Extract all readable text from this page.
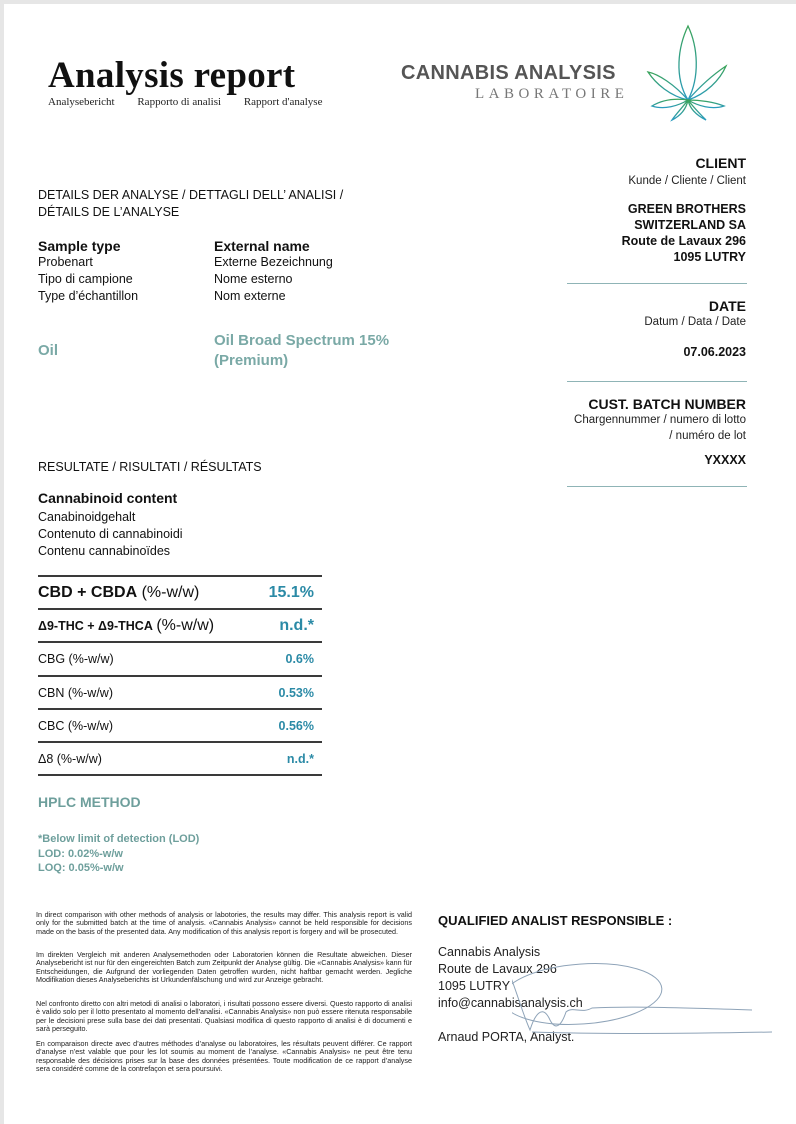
Analysis report
Analysebericht Rapporto di analisi Rapport d'analyse
CANNABIS ANALYSIS
LABORATOIRE
DETAILS DER ANALYSE / DETTAGLI DELL’ ANALISI /
DÉTAILS DE L’ANALYSE
Sample type
Probenart
Tipo di campione
Type d’échantillon
Oil
External name
Externe Bezeichnung
Nome esterno
Nom externe
Oil Broad Spectrum 15%
(Premium)
CLIENT
Kunde / Cliente / Client
GREEN BROTHERS
SWITZERLAND SA
Route de Lavaux 296
1095 LUTRY
DATE
Datum / Data / Date
07.06.2023
CUST. BATCH NUMBER
Chargennummer / numero di lotto
/ numéro de lot
YXXXX
RESULTATE / RISULTATI / RÉSULTATS
Cannabinoid content
Canabinoidgehalt
Contenuto di cannabinoidi
Contenu cannabinoïdes
CBD + CBDA (%-w/w)	15.1%
Δ9-THC + Δ9-THCA (%-w/w)	n.d.*
CBG (%-w/w)	0.6%
CBN (%-w/w)	0.53%
CBC (%-w/w)	0.56%
Δ8 (%-w/w)	n.d.*
HPLC METHOD
*Below limit of detection (LOD)
LOD: 0.02%-w/w
LOQ: 0.05%-w/w
In direct comparison with other methods of analysis or labotories, the results may differ. This analysis report is valid only for the submitted batch at the time of analysis. «Cannabis Analysis» cannot be held responsible for decisions made on the basis of the presented data. Any modification of this analysis report is forgery and will be prosecuted.
Im direkten Vergleich mit anderen Analysemethoden oder Laboratorien können die Resultate abweichen. Dieser Analysebericht ist nur für den eingereichten Batch zum Zeitpunkt der Analyse gültig. Die «Cannabis Analysis» kann für Entscheidungen, die Aufgrund der vorliegenden Daten getroffen wurden, nicht haftbar gemacht werden. Jegliche Modifikation dieses Analyseberichts ist Urkundenfälschung und wird zur Anzeige gebracht.
Nel confronto diretto con altri metodi di analisi o laboratori, i risultati possono essere diversi. Questo rapporto di analisi è valido solo per il lotto presentato al momento dell'analisi. «Cannabis Analysis» non può essere ritenuta responsabile per le decisioni prese sulla base dei dati presentati. Qualsiasi modifica di questo rapporto di analisi è di documenti e sarà perseguito.
En comparaison directe avec d’autres méthodes d’analyse ou laboratoires, les résultats peuvent différer. Ce rapport d’analyse n’est valable que pour les lot soumis au moment de l’analyse. «Cannabis Analysis» ne peut être tenu responsable des décisions prises sur la base des données présentées. Toute modification de ce rapport d’analyse sera considéré comme de la contrefaçon et sera poursuivi.
QUALIFIED ANALIST RESPONSIBLE :
Cannabis Analysis
Route de Lavaux 296
1095 LUTRY
info@cannabisanalysis.ch
Arnaud PORTA, Analyst.
